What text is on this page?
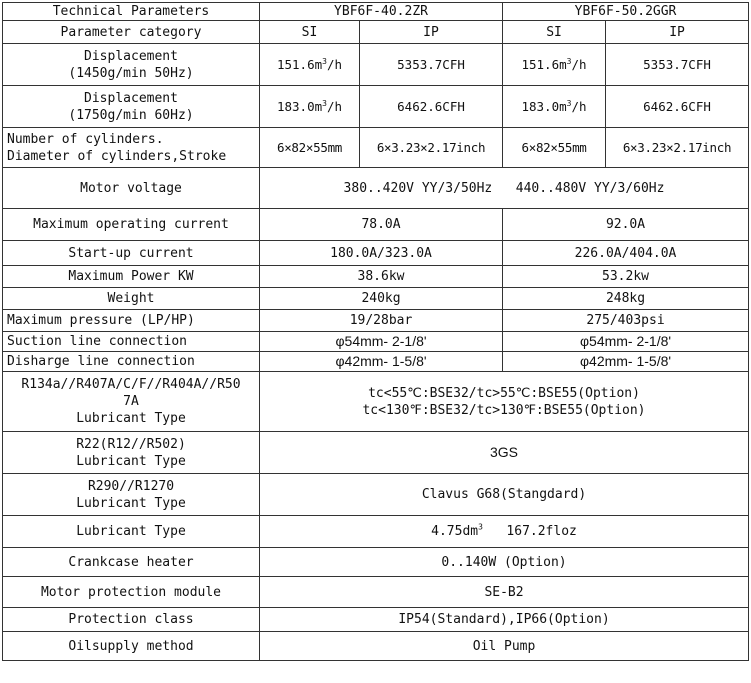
Technical Parameters	YBF6F-40.2ZR		YBF6F-50.2GGR	
Parameter category	SI	IP	SI	IP

Displacement
(1450g/min 50Hz)	$151.6m^3/h$	5353.7CFH	$151.6m^3/h$	5353.7CFH

Displacement
(1750g/min 60Hz)	$183.0m^3/h$	6462.6CFH	$183.0m^3/h$	6462.6CFH

Number of cylinders.
Diameter of cylinders,Stroke	6×82×55mm	6×3.23×2.17inch	6×82×55mm	6×3.23×2.17inch
Motor voltage	380..420V YY/3/50Hz 440..480V YY/3/60Hz			
Maximum operating current	78.0A		92.0A	
Start-up current	180.0A/323.0A		226.0A/404.0A	
Maximum Power KW	38.6kw		53.2kw	
Weight	240kg		248kg	
Maximum pressure (LP/HP)	19/28bar		275/403psi	
Suction line connection	φ54mm- 2-1/8ʹ		φ54mm- 2-1/8ʹ	
Disharge line connection	φ42mm- 1-5/8ʹ		φ42mm- 1-5/8ʹ	

R134a//R407A/C/F//R404A//R50
7A
Lubricant Type	tc<55℃:BSE32/tc>55℃:BSE55(Option)
tc<130℉:BSE32/tc>130℉:BSE55(Option)			

R22(R12//R502)
Lubricant Type	3GS			

R290//R1270
Lubricant Type	Clavus G68(Stangdard)			
Lubricant Type	$4.75dm^3$   167.2floz			
Crankcase heater	0..140W (Option)			
Motor protection module	SE-B2			
Protection class	IP54(Standard),IP66(Option)			
Oilsupply method	Oil Pump			
